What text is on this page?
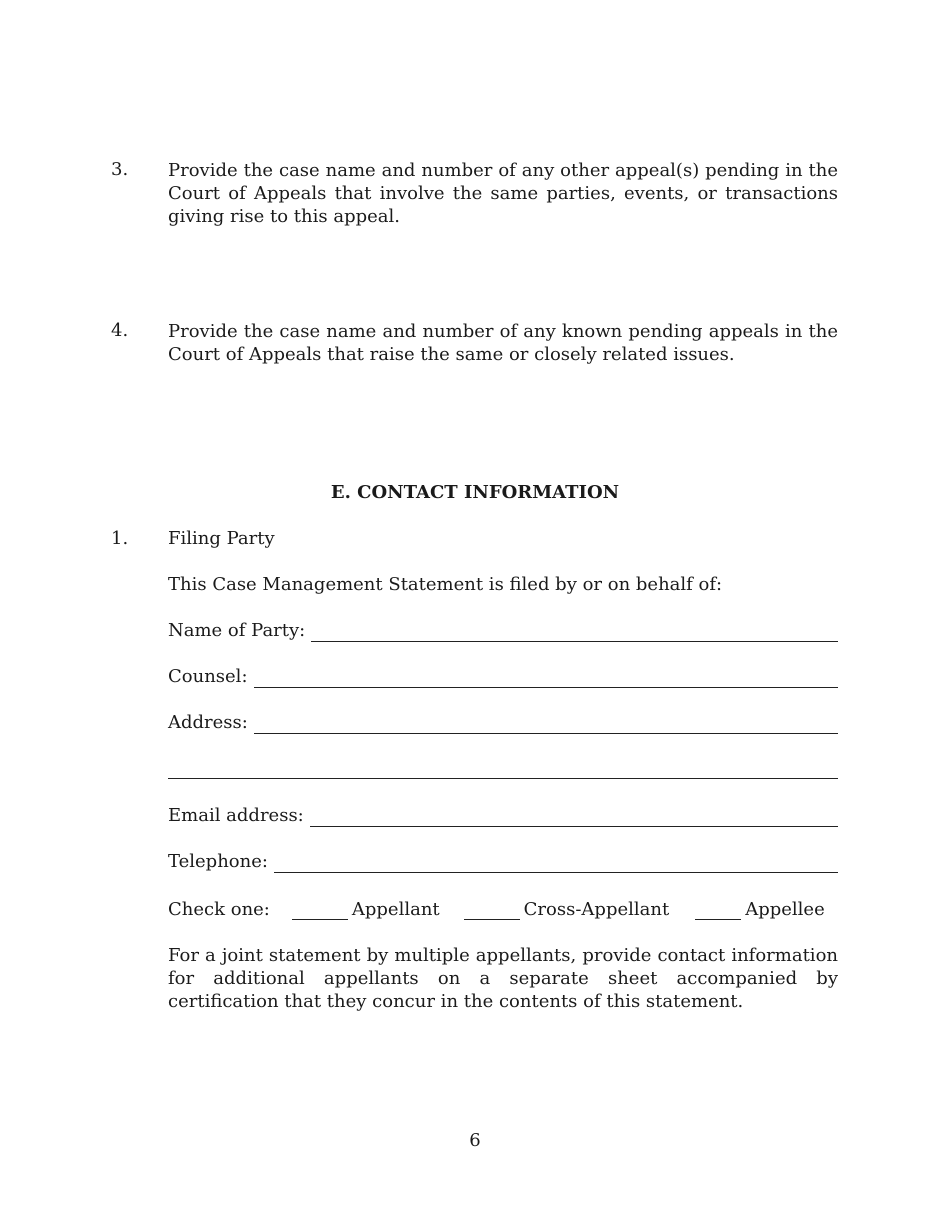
3. Provide the case name and number of any other appeal(s) pending in the Court of Appeals that involve the same parties, events, or transactions giving rise to this appeal.
4. Provide the case name and number of any known pending appeals in the Court of Appeals that raise the same or closely related issues.
E. CONTACT INFORMATION
1. Filing Party
This Case Management Statement is filed by or on behalf of:
Name of Party:
Counsel:
Address:
Email address:
Telephone:
Check one:	Appellant	Cross-Appellant	Appellee
For a joint statement by multiple appellants, provide contact information for additional appellants on a separate sheet accompanied by certification that they concur in the contents of this statement.
6
